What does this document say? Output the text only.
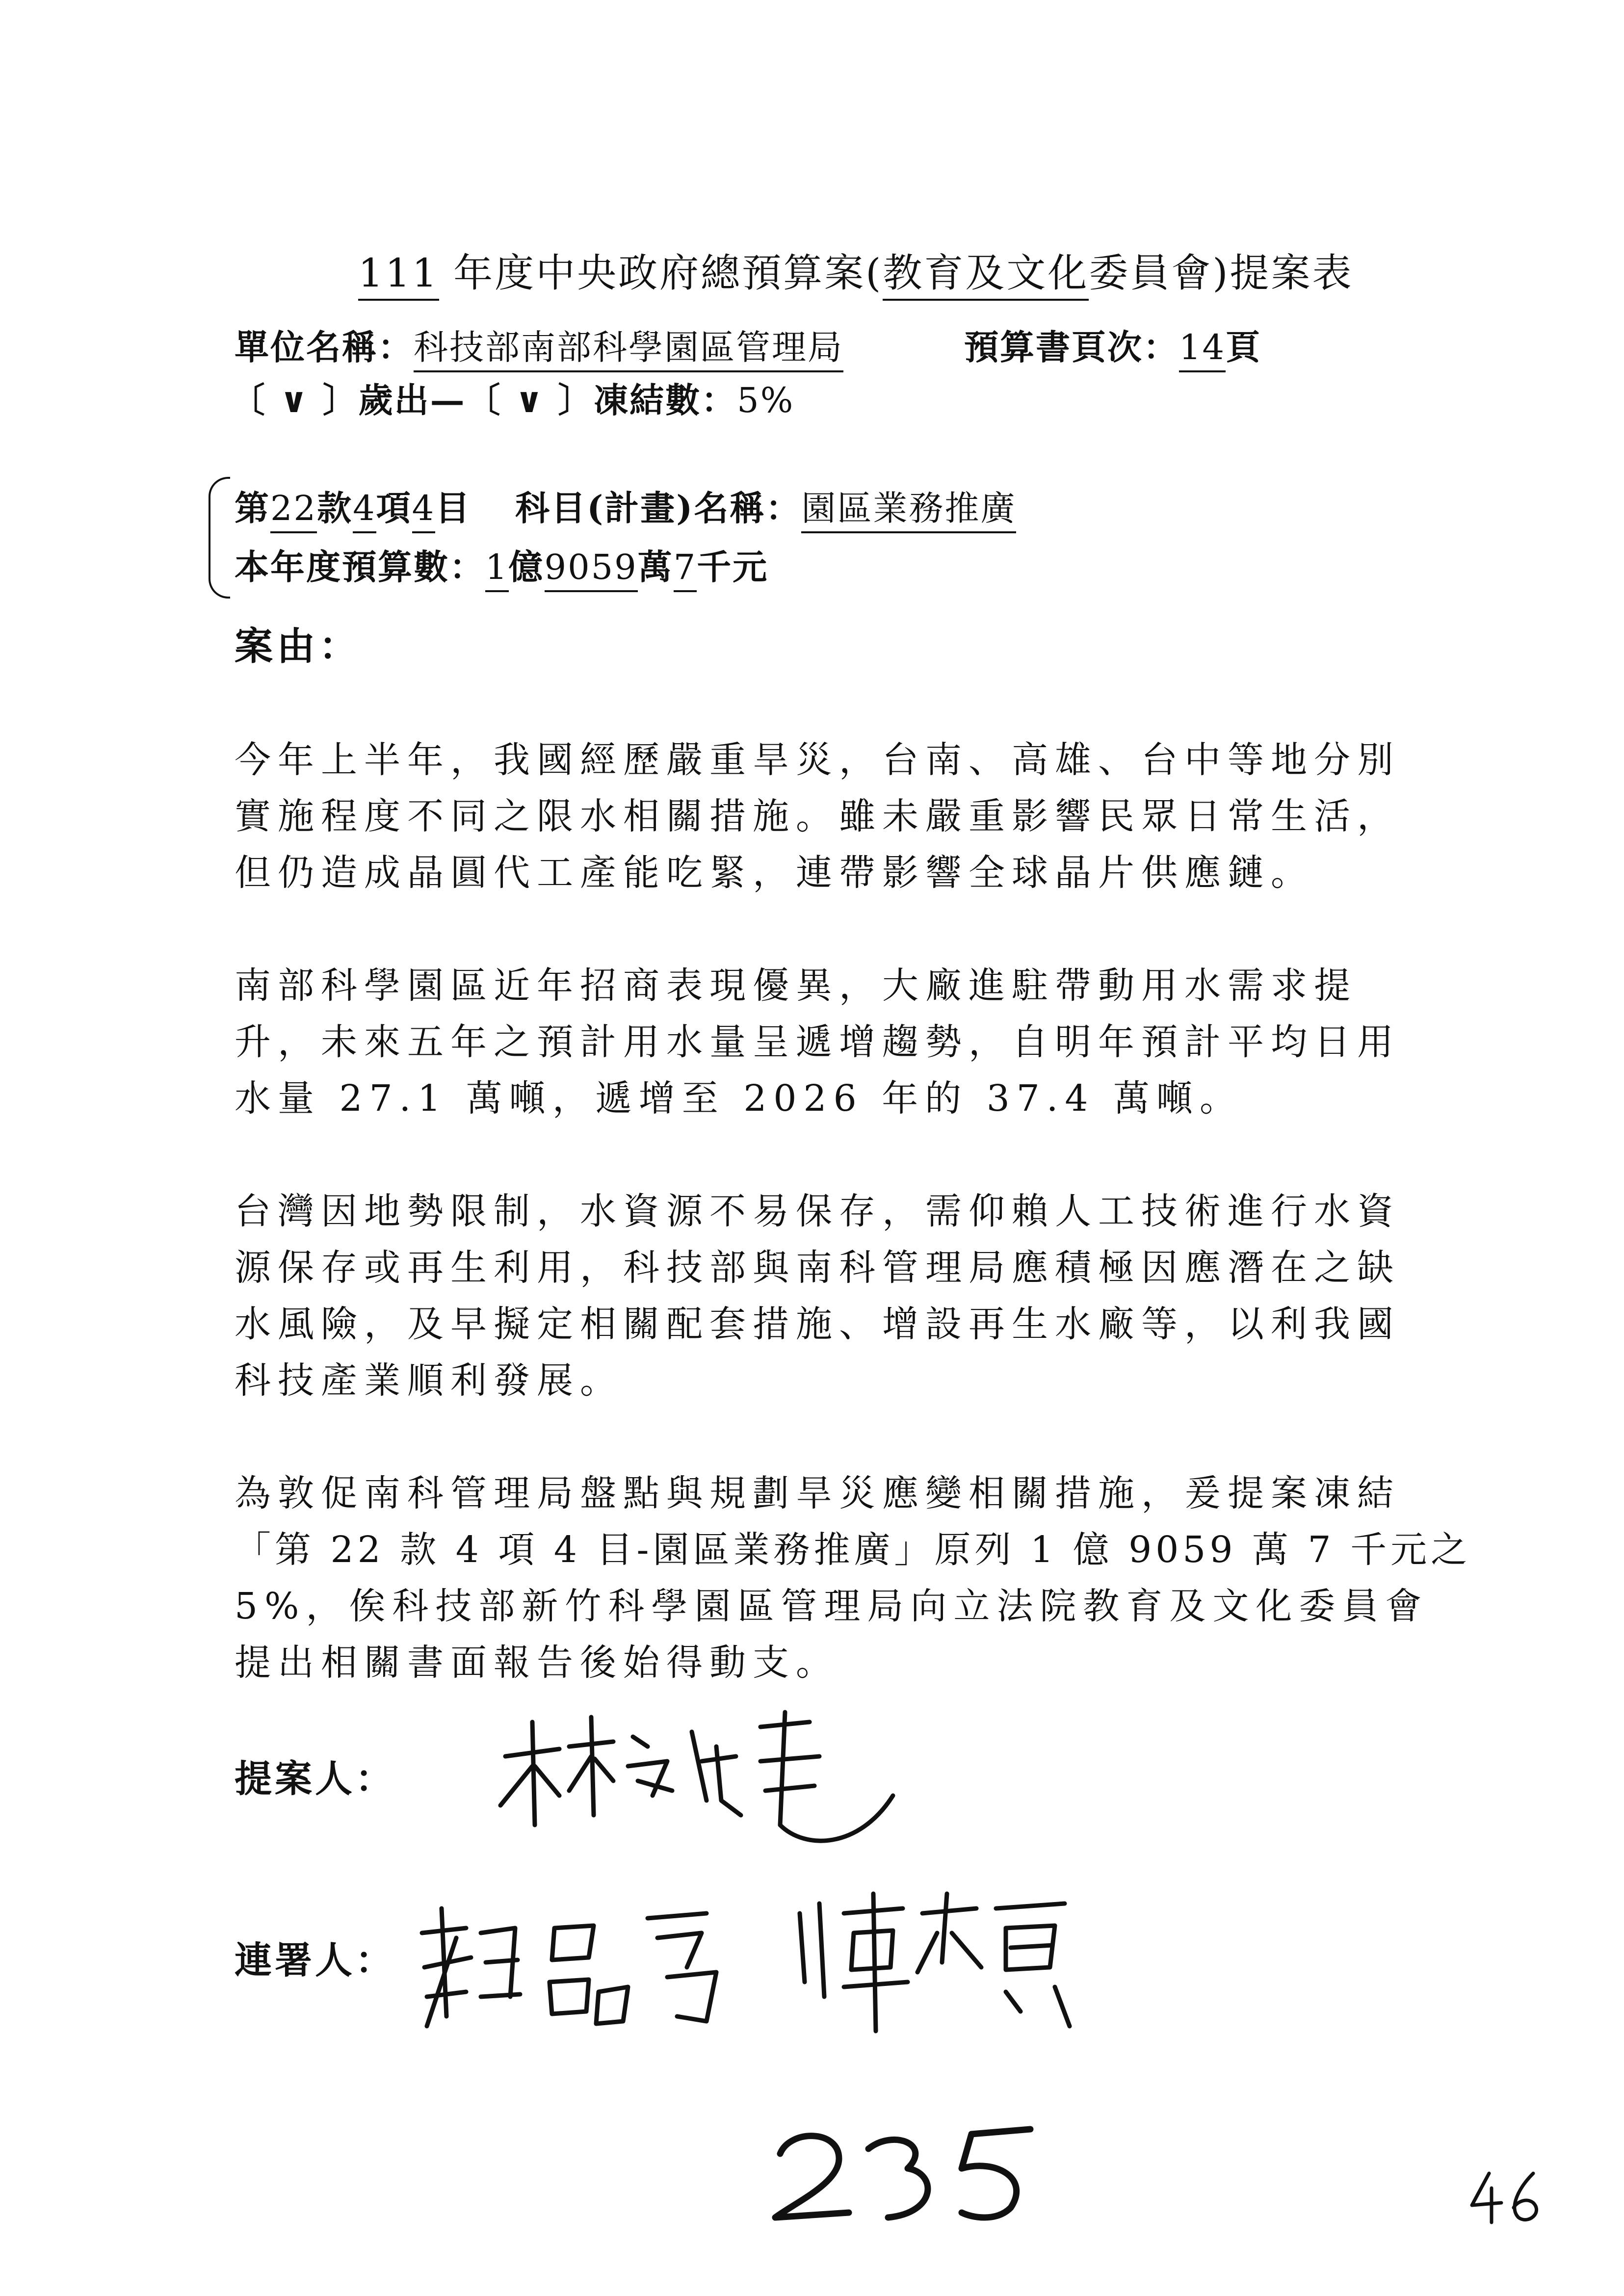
111 年度中央政府總預算案(教育及文化委員會)提案表
單位名稱：科技部南部科學園區管理局	預算書頁次：14頁
〔 ∨ 〕歲出—〔 ∨ 〕凍結數：5%
第22款4項4目 科目(計畫)名稱：園區業務推廣
本年度預算數：1億9059萬7千元
案由：
今年上半年，我國經歷嚴重旱災，台南、高雄、台中等地分別
實施程度不同之限水相關措施。雖未嚴重影響民眾日常生活，
但仍造成晶圓代工產能吃緊，連帶影響全球晶片供應鏈。
南部科學園區近年招商表現優異，大廠進駐帶動用水需求提
升，未來五年之預計用水量呈遞增趨勢，自明年預計平均日用
水量 27.1 萬噸，遞增至 2026 年的 37.4 萬噸。
台灣因地勢限制，水資源不易保存，需仰賴人工技術進行水資
源保存或再生利用，科技部與南科管理局應積極因應潛在之缺
水風險，及早擬定相關配套措施、增設再生水廠等，以利我國
科技產業順利發展。
為敦促南科管理局盤點與規劃旱災應變相關措施，爰提案凍結
「第 22 款 4 項 4 目-園區業務推廣」原列 1 億 9059 萬 7 千元之
5%，俟科技部新竹科學園區管理局向立法院教育及文化委員會
提出相關書面報告後始得動支。
提案人：
連署人：
